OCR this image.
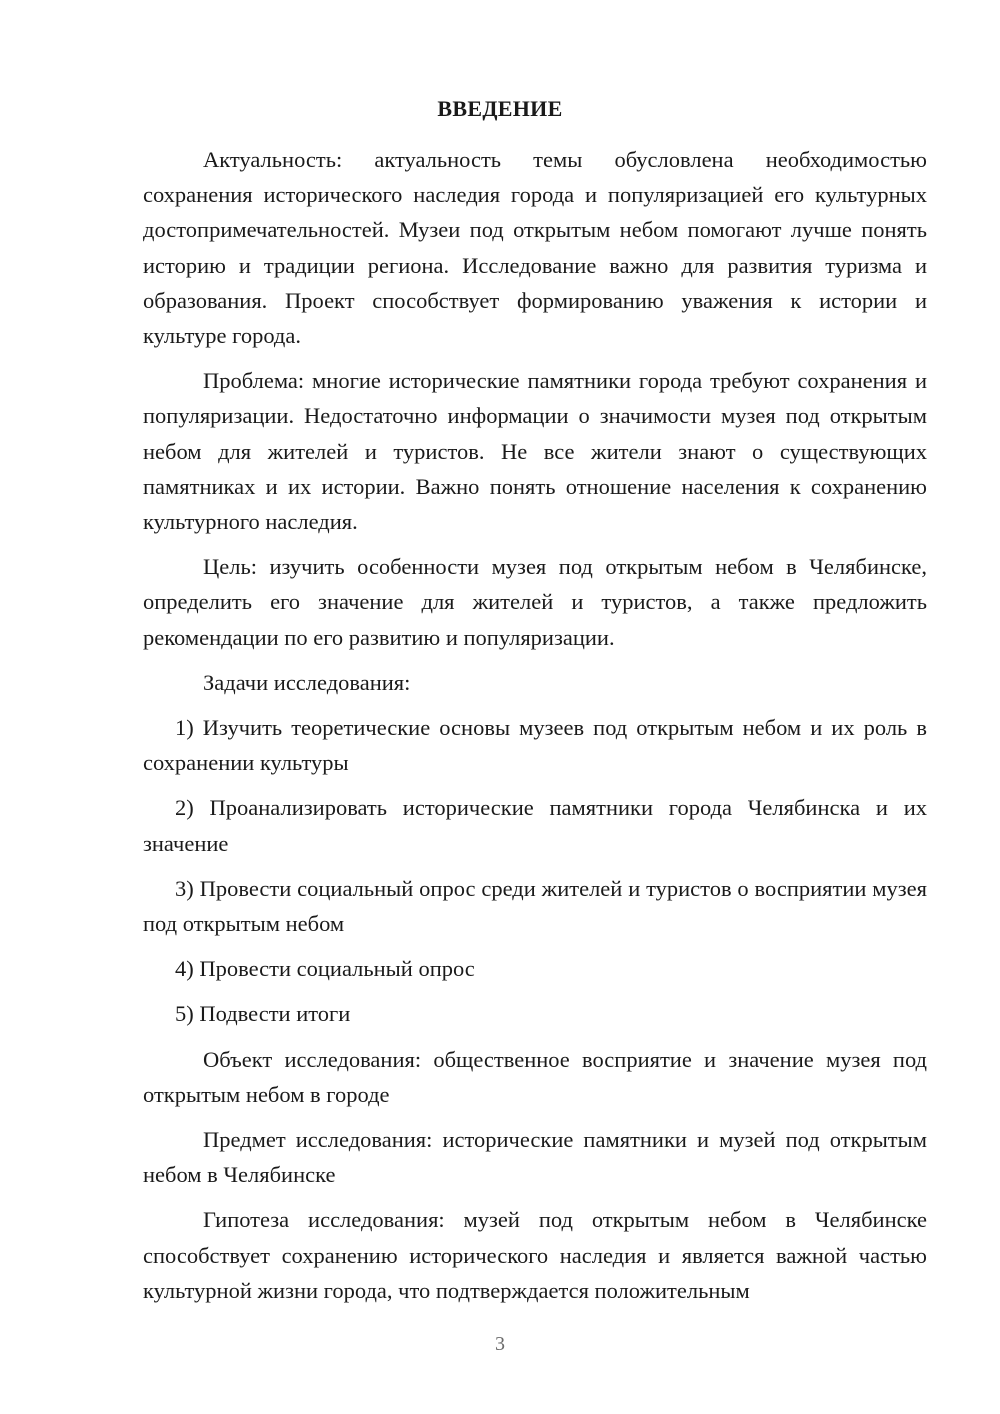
ВВЕДЕНИЕ

Актуальность: актуальность темы обусловлена необходимостью сохранения исторического наследия города и популяризацией его культурных достопримечательностей. Музеи под открытым небом помогают лучше понять историю и традиции региона. Исследование важно для развития туризма и образования. Проект способствует формированию уважения к истории и культуре города.

Проблема: многие исторические памятники города требуют сохранения и популяризации. Недостаточно информации о значимости музея под открытым небом для жителей и туристов. Не все жители знают о существующих памятниках и их истории. Важно понять отношение населения к сохранению культурного наследия.

Цель: изучить особенности музея под открытым небом в Челябинске, определить его значение для жителей и туристов, а также предложить рекомендации по его развитию и популяризации.

Задачи исследования:

1) Изучить теоретические основы музеев под открытым небом и их роль в сохранении культуры

2) Проанализировать исторические памятники города Челябинска и их значение

3) Провести социальный опрос среди жителей и туристов о восприятии музея под открытым небом

4) Провести социальный опрос

5) Подвести итоги

Объект исследования: общественное восприятие и значение музея под открытым небом в городе

Предмет исследования: исторические памятники и музей под открытым небом в Челябинске

Гипотеза исследования: музей под открытым небом в Челябинске способствует сохранению исторического наследия и является важной частью культурной жизни города, что подтверждается положительным

3
